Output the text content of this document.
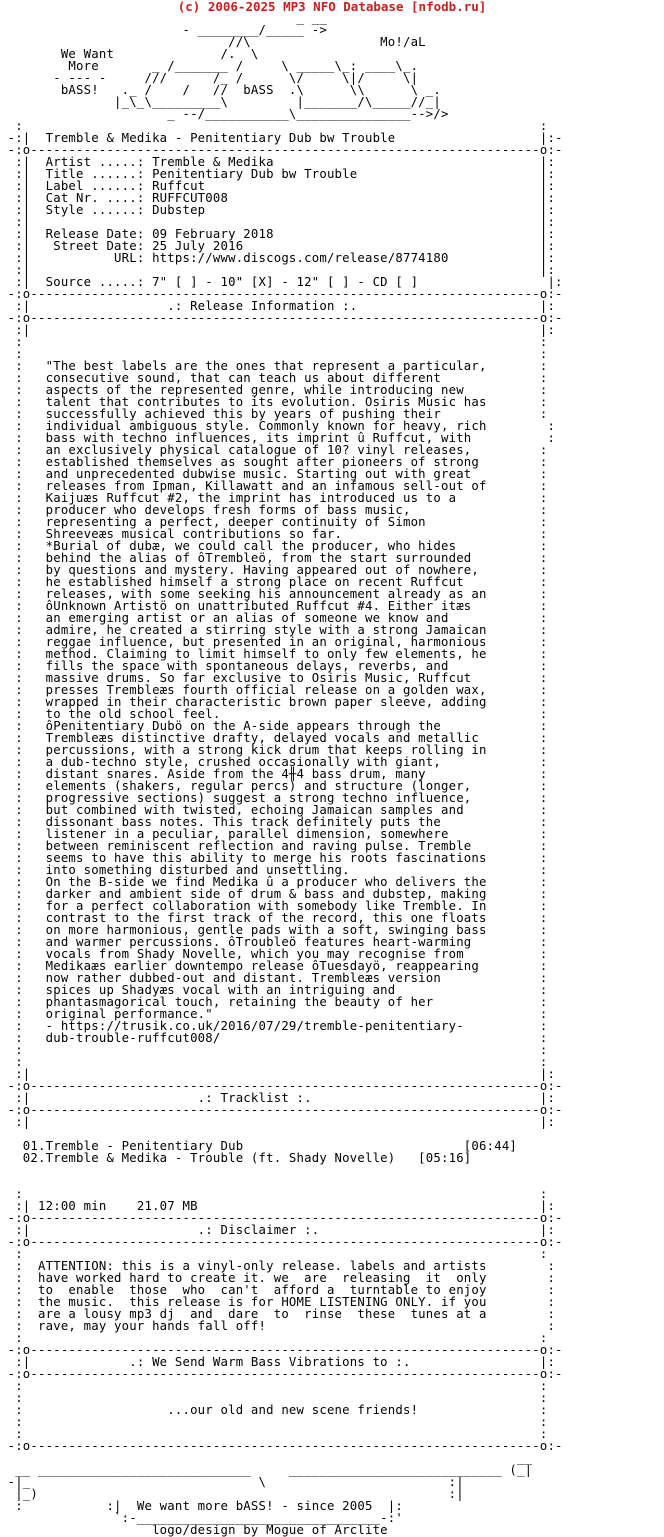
(c) 2006-2025 MP3 NFO Database [nfodb.ru]
_ __
- ________/_____ ->
//\                 Mo!/aL
We Want              /.  \
More       _ /_______ /     \ _____\_: ____\_.
- --- -     ///      /_ /      \/     \|/     \|
bASS!   ._ /    /   //  bASS  .\      \\      \ _.
|_\_\_________\         |_______/\_____//_|
_ --/___________\_______________-->/>
:                                                                    :
-:|  Tremble & Medika - Penitentiary Dub bw Trouble                   |:-
-:o-------------------------------------------------------------------o:-
:|  Artist .....: Tremble & Medika                                   |:
:|  Title ......: Penitentiary Dub bw Trouble                        |:
:|  Label ......: Ruffcut                                            |:
:|  Cat Nr. ....: RUFFCUT008                                         |:
:|  Style ......: Dubstep                                            |:
:|                                                                   |:
:|  Release Date: 09 February 2018                                   |:
:|   Street Date: 25 July 2016                                       |:
:|           URL: https://www.discogs.com/release/8774180            |:
:|                                                                   |:
:|  Source .....: 7" [ ] - 10" [X] - 12" [ ] - CD [ ]                 |:
-:o-------------------------------------------------------------------o:-
:|                  .: Release Information :.                        |:
-:o-------------------------------------------------------------------o:-
:|                                                                   |:
:                                                                    :
:                                                                    :
:   "The best labels are the ones that represent a particular,       :
:   consecutive sound, that can teach us about different             :
:   aspects of the represented genre, while introducing new          :
:   talent that contributes to its evolution. Osiris Music has       :
:   successfully achieved this by years of pushing their             :
:   individual ambiguous style. Commonly known for heavy, rich        :
:   bass with techno influences, its imprint û Ruffcut, with          :
:   an exclusively physical catalogue of 10? vinyl releases,         :
:   established themselves as sought after pioneers of strong        :
:   and unprecedented dubwise music. Starting out with great         :
:   releases from Ipman, Killawatt and an infamous sell-out of       :
:   Kaijuæs Ruffcut #2, the imprint has introduced us to a           :
:   producer who develops fresh forms of bass music,                 :
:   representing a perfect, deeper continuity of Simon               :
:   Shreeveæs musical contributions so far.                          :
:   *Burial of dubæ, we could call the producer, who hides           :
:   behind the alias of ôTrembleö, from the start surrounded         :
:   by questions and mystery. Having appeared out of nowhere,        :
:   he established himself a strong place on recent Ruffcut          :
:   releases, with some seeking his announcement already as an       :
:   ôUnknown Artistö on unattributed Ruffcut #4. Either itæs         :
:   an emerging artist or an alias of someone we know and            :
:   admire, he created a stirring style with a strong Jamaican       :
:   reggae influence, but presented in an original, harmonious       :
:   method. Claiming to limit himself to only few elements, he       :
:   fills the space with spontaneous delays, reverbs, and            :
:   massive drums. So far exclusive to Osiris Music, Ruffcut         :
:   presses Trembleæs fourth official release on a golden wax,       :
:   wrapped in their characteristic brown paper sleeve, adding       :
:   to the old school feel.                                          :
:   ôPenitentiary Dubö on the A-side appears through the             :
:   Trembleæs distinctive drafty, delayed vocals and metallic        :
:   percussions, with a strong kick drum that keeps rolling in       :
:   a dub-techno style, crushed occasionally with giant,             :
:   distant snares. Aside from the 4╫4 bass drum, many               :
:   elements (shakers, regular percs) and structure (longer,         :
:   progressive sections) suggest a strong techno influence,         :
:   but combined with twisted, echoing Jamaican samples and          :
:   dissonant bass notes. This track definitely puts the             :
:   listener in a peculiar, parallel dimension, somewhere            :
:   between reminiscent reflection and raving pulse. Tremble         :
:   seems to have this ability to merge his roots fascinations       :
:   into something disturbed and unsettling.                         :
:   On the B-side we find Medika û a producer who delivers the       :
:   darker and ambient side of drum & bass and dubstep, making       :
:   for a perfect collaboration with somebody like Tremble. In       :
:   contrast to the first track of the record, this one floats       :
:   on more harmonious, gentle pads with a soft, swinging bass       :
:   and warmer percussions. ôTroubleö features heart-warming         :
:   vocals from Shady Novelle, which you may recognise from          :
:   Medikaæs earlier downtempo release ôTuesdayö, reappearing        :
:   now rather dubbed-out and distant. Trembleæs version             :
:   spices up Shadyæs vocal with an intriguing and                   :
:   phantasmagorical touch, retaining the beauty of her              :
:   original performance."                                           :
:   - https://trusik.co.uk/2016/07/29/tremble-penitentiary-          :
:   dub-trouble-ruffcut008/                                          :
:                                                                    :
:                                                                    :
:|                                                                   |:
-:o-------------------------------------------------------------------o:-
:|                      .: Tracklist :.                              |:
-:o-------------------------------------------------------------------o:-
:|                                                                   |:

01.Tremble - Penitentiary Dub                             [06:44]
02.Tremble & Medika - Trouble (ft. Shady Novelle)   [05:16]

:                                                                    :
:| 12:00 min    21.07 MB                                             |:
-:o-------------------------------------------------------------------o:-
:|                      .: Disclaimer :.                             |:
-:o-------------------------------------------------------------------o:-
:                                                                    :
:  ATTENTION: this is a vinyl-only release. labels and artists        :
:  have worked hard to create it. we  are  releasing  it  only        :
:  to  enable  those  who  can't  afford a  turntable to enjoy        :
:  the music.  this release is for HOME LISTENING ONLY. if you        :
:  are a lousy mp3 dj  and  dare  to  rinse  these  tunes at a        :
:  rave, may your hands fall off!                                     :
:                                                                    :
-:o-------------------------------------------------------------------o:-
:|             .: We Send Warm Bass Vibrations to :.                 |:
-:o-------------------------------------------------------------------o:-
:                                                                    :
:                                                                    :
:                   ...our old and new scene friends!                :
:                                                                    :
:                                                                    :
-:o-------------------------------------------------------------------o:-
__
__ ____________________________     ____________________________ (_|
-|_                              \                        :|
|_)                                                      :|
:           :|  We want more bASS! - since 2005  |:
`:-________________________________-:'
logo/design by Mogue of Arclite
